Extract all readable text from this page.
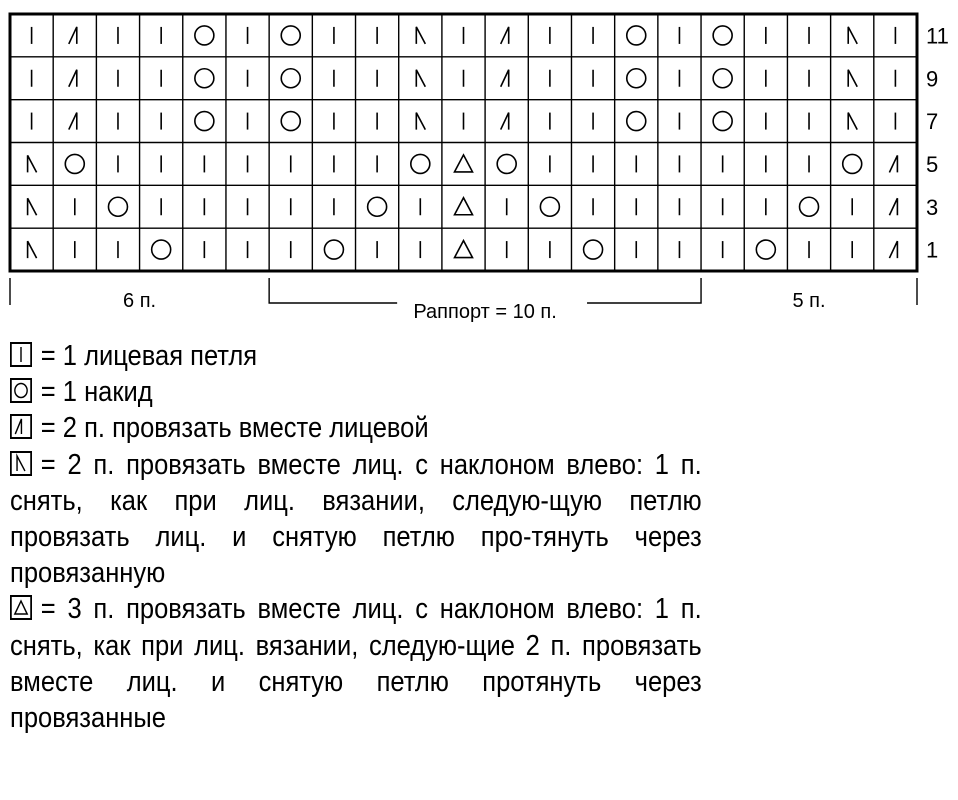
11
9
7
5
3
1
6 п.	Раппорт = 10 п.	5 п.
= 1 лицевая петля
= 1 накид
= 2 п. провязать вместе лицевой
= 2 п. провязать вместе лиц. с наклоном влево: 1 п. снять, как при лиц. вязании, следую-щую петлю провязать лиц. и снятую петлю про-тянуть через провязанную
= 3 п. провязать вместе лиц. с наклоном влево: 1 п. снять, как при лиц. вязании, следую-щие 2 п. провязать вместе лиц. и снятую петлю протянуть через провязанные
